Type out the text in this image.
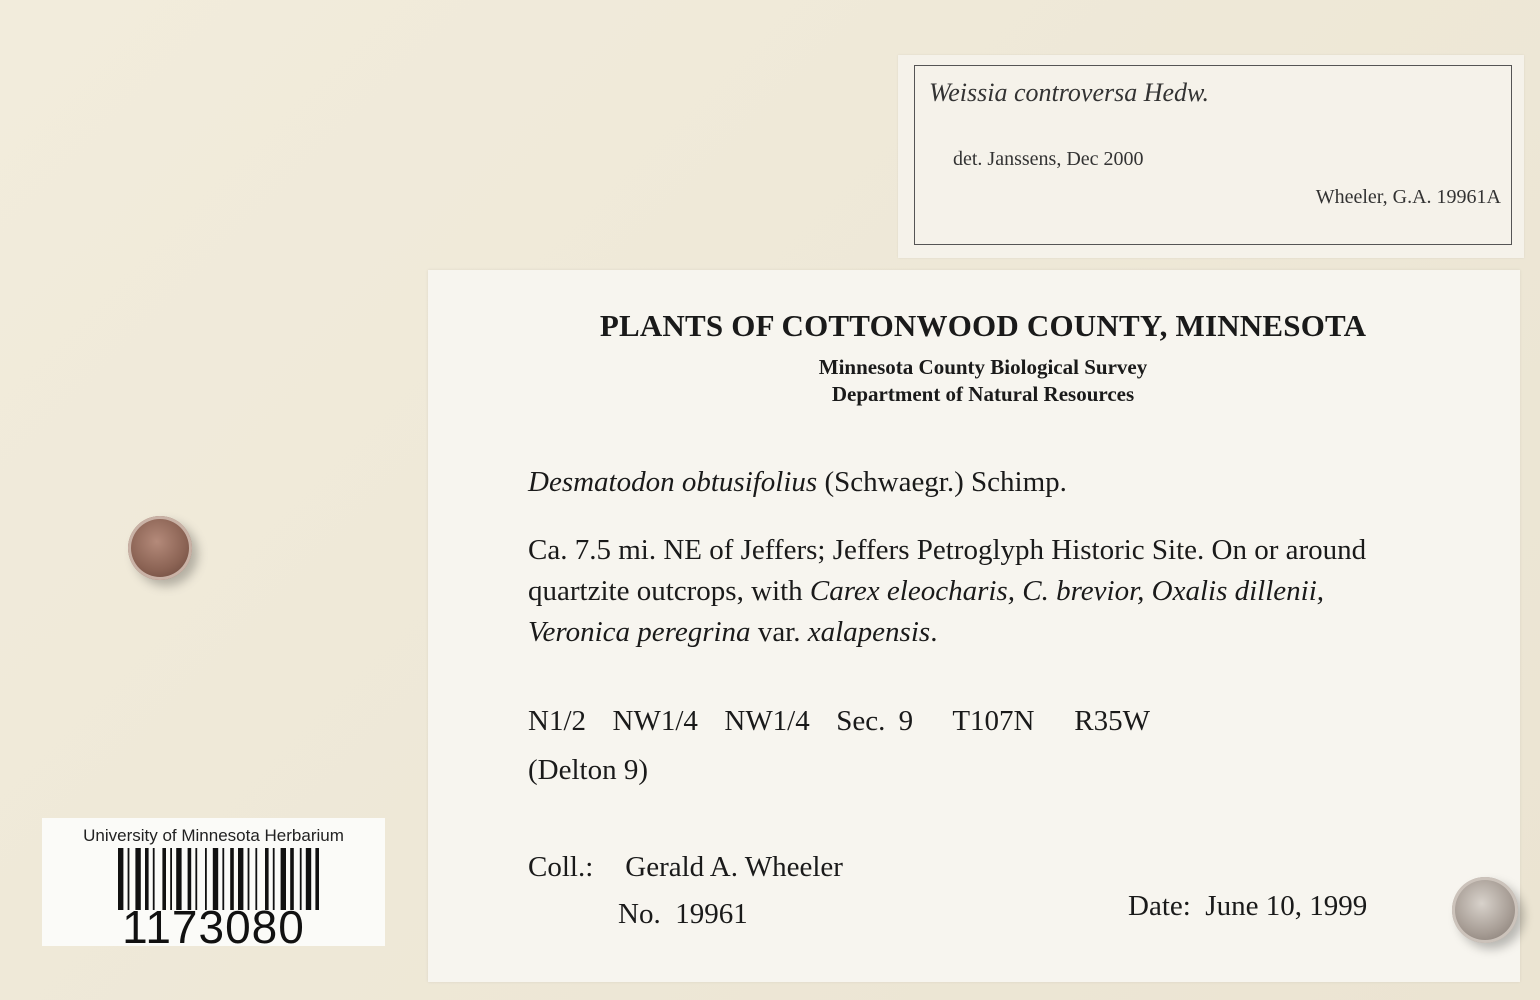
Weissia controversa Hedw.
det. Janssens, Dec 2000
Wheeler, G.A. 19961A
PLANTS OF COTTONWOOD COUNTY, MINNESOTA
Minnesota County Biological Survey
Department of Natural Resources
Desmatodon obtusifolius (Schwaegr.) Schimp.
Ca. 7.5 mi. NE of Jeffers; Jeffers Petroglyph Historic Site. On or around quartzite outcrops, with Carex eleocharis, C. brevior, Oxalis dillenii, Veronica peregrina var. xalapensis.
N1/2  NW1/4  NW1/4  Sec. 9   T107N   R35W
(Delton 9)
Coll.: Gerald A. Wheeler
No.  19961	Date:  June 10, 1999
University of Minnesota Herbarium
1173080
